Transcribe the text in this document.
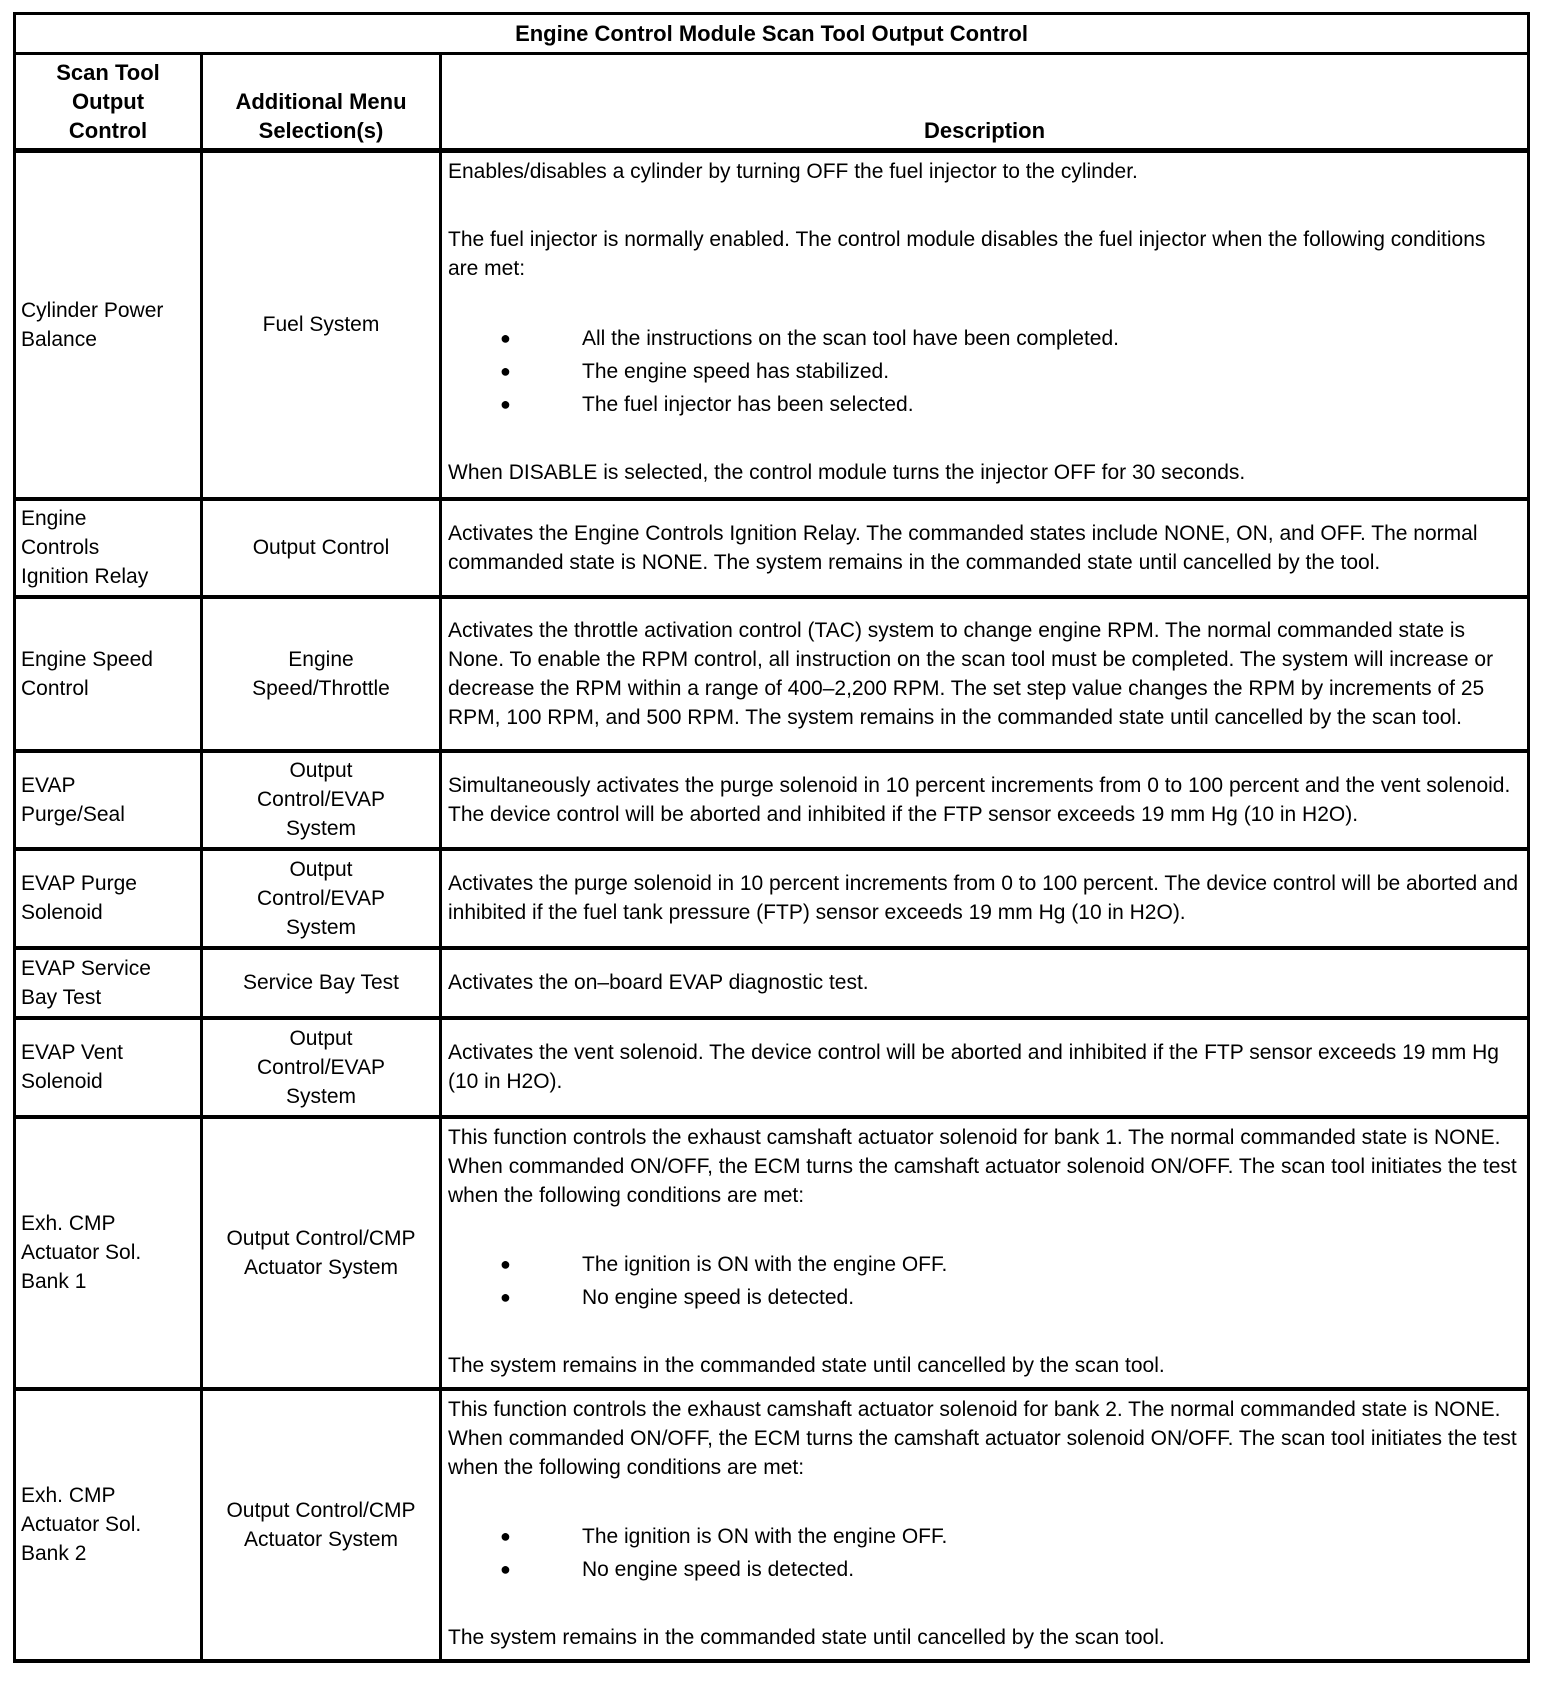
Engine Control Module Scan Tool Output Control		
Scan Tool Output Control	Additional Menu Selection(s)	Description
Cylinder Power Balance	Fuel System	

Enables/disables a cylinder by turning OFF the fuel injector to the cylinder.

The fuel injector is normally enabled. The control module disables the fuel injector when the following conditions are met:

●	All the instructions on the scan tool have been completed.
●	The engine speed has stabilized.
●	The fuel injector has been selected.

When DISABLE is selected, the control module turns the injector OFF for 30 seconds.

Engine Controls Ignition Relay	Output Control	Activates the Engine Controls Ignition Relay. The commanded states include NONE, ON, and OFF. The normal commanded state is NONE. The system remains in the commanded state until cancelled by the tool.
Engine Speed Control	Engine Speed/Throttle	Activates the throttle activation control (TAC) system to change engine RPM. The normal commanded state is None. To enable the RPM control, all instruction on the scan tool must be completed. The system will increase or decrease the RPM within a range of 400–2,200 RPM. The set step value changes the RPM by increments of 25 RPM, 100 RPM, and 500 RPM. The system remains in the commanded state until cancelled by the scan tool.
EVAP Purge/Seal	Output Control/EVAP System	Simultaneously activates the purge solenoid in 10 percent increments from 0 to 100 percent and the vent solenoid. The device control will be aborted and inhibited if the FTP sensor exceeds 19 mm Hg (10 in H2O).
EVAP Purge Solenoid	Output Control/EVAP System	Activates the purge solenoid in 10 percent increments from 0 to 100 percent. The device control will be aborted and inhibited if the fuel tank pressure (FTP) sensor exceeds 19 mm Hg (10 in H2O).
EVAP Service Bay Test	Service Bay Test	Activates the on–board EVAP diagnostic test.
EVAP Vent Solenoid	Output Control/EVAP System	Activates the vent solenoid. The device control will be aborted and inhibited if the FTP sensor exceeds 19 mm Hg (10 in H2O).
Exh. CMP Actuator Sol. Bank 1	Output Control/CMP Actuator System	

This function controls the exhaust camshaft actuator solenoid for bank 1. The normal commanded state is NONE. When commanded ON/OFF, the ECM turns the camshaft actuator solenoid ON/OFF. The scan tool initiates the test when the following conditions are met:

●	The ignition is ON with the engine OFF.
●	No engine speed is detected.

The system remains in the commanded state until cancelled by the scan tool.

Exh. CMP Actuator Sol. Bank 2	Output Control/CMP Actuator System	

This function controls the exhaust camshaft actuator solenoid for bank 2. The normal commanded state is NONE. When commanded ON/OFF, the ECM turns the camshaft actuator solenoid ON/OFF. The scan tool initiates the test when the following conditions are met:

●	The ignition is ON with the engine OFF.
●	No engine speed is detected.

The system remains in the commanded state until cancelled by the scan tool.
